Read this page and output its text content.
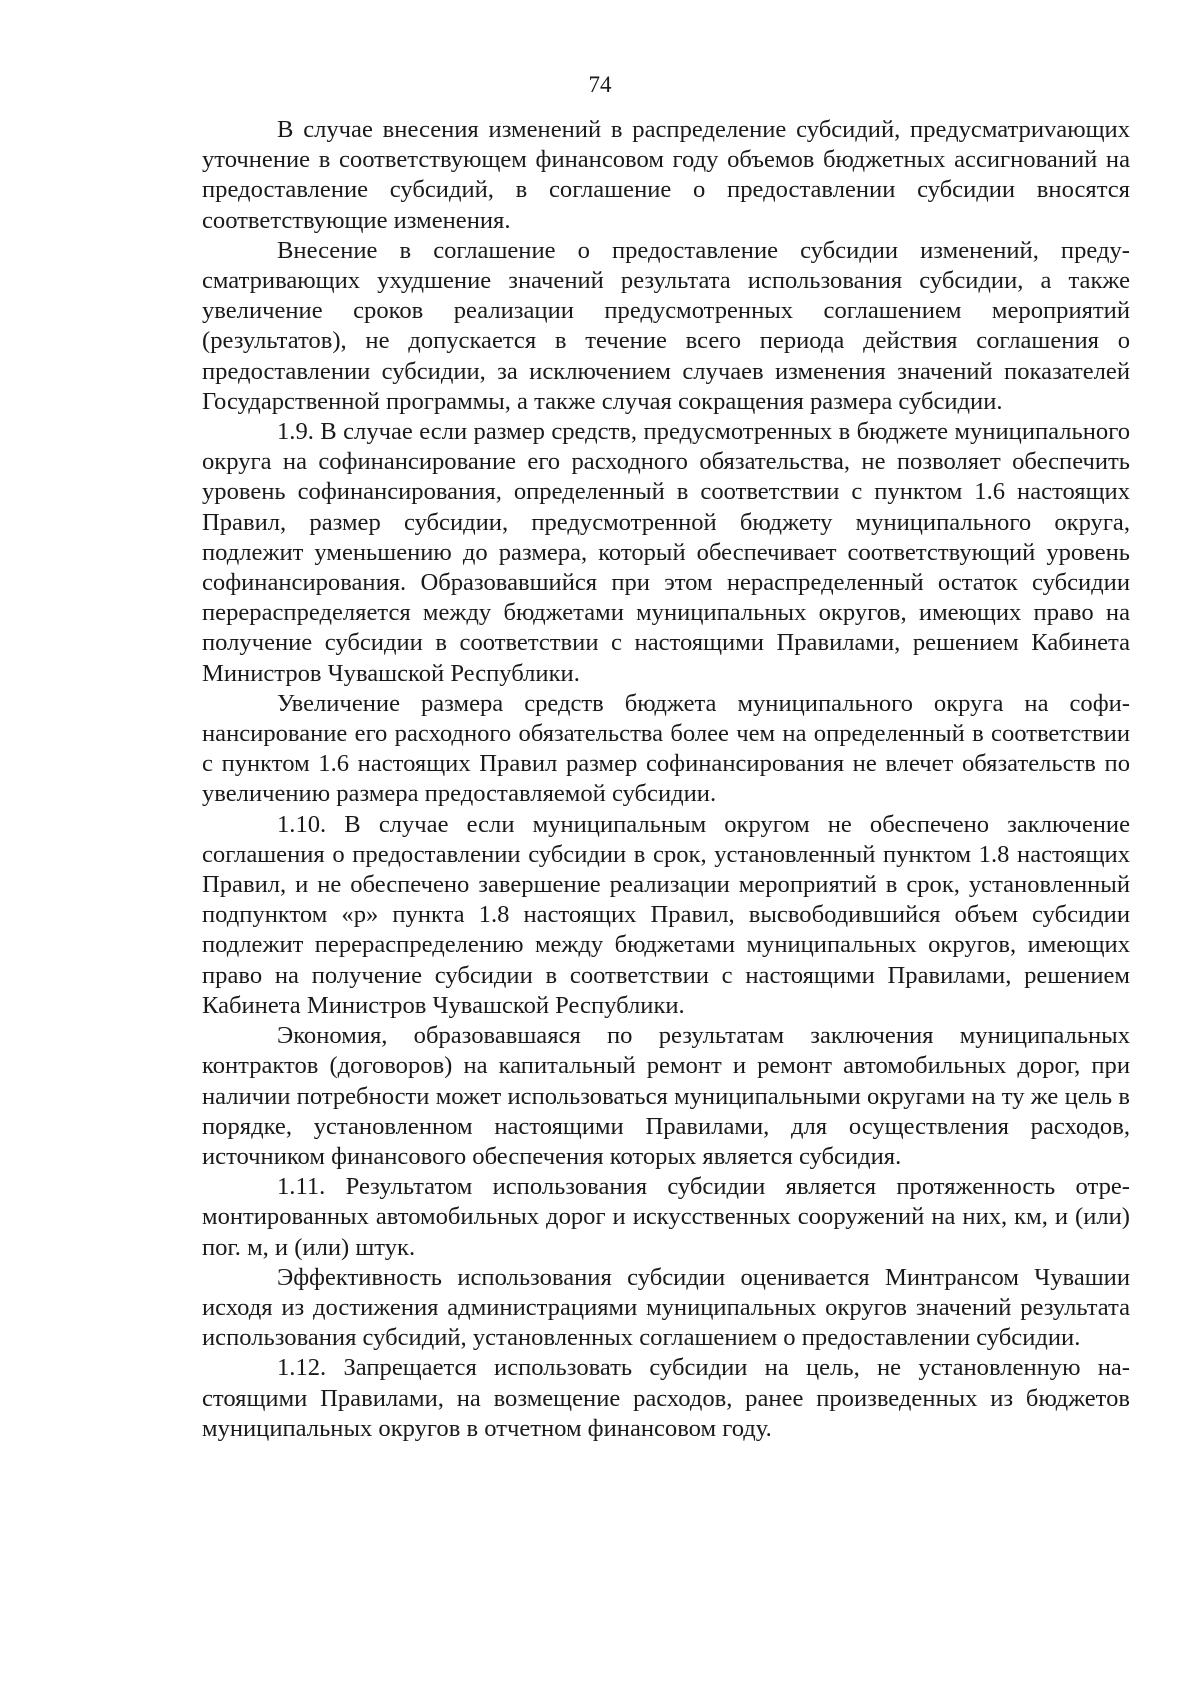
74

В случае внесения изменений в распределение субсидий, предусматриvающих уточнение в соответствующем финансовом году объемов бюджетных ассигнований на предоставление субсидий, в соглашение о предоставлении субсидии вносятся соответствующие изменения.

Внесение в соглашение о предоставление субсидии изменений, предусматривающих ухудшение значений результата использования субсидии, а также увеличение сроков реализации предусмотренных соглашением мероприятий (результатов), не допускается в течение всего периода действия соглашения о предоставлении субсидии, за исключением случаев изменения значений показателей Государственной программы, а также случая сокращения размера субсидии.

1.9. В случае если размер средств, предусмотренных в бюджете муниципального округа на софинансирование его расходного обязательства, не позволяет обеспечить уровень софинансирования, определенный в соответствии с пунктом 1.6 настоящих Правил, размер субсидии, предусмотренной бюджету муниципального округа, подлежит уменьшению до размера, который обеспечивает соответствующий уровень софинансирования. Образовавшийся при этом нераспределенный остаток субсидии перераспределяется между бюджетами муниципальных округов, имеющих право на получение субсидии в соответствии с настоящими Правилами, решением Кабинета Министров Чувашской Республики.

Увеличение размера средств бюджета муниципального округа на софинансирование его расходного обязательства более чем на определенный в соответствии с пунктом 1.6 настоящих Правил размер софинансирования не влечет обязательств по увеличению размера предоставляемой субсидии.

1.10. В случае если муниципальным округом не обеспечено заключение соглашения о предоставлении субсидии в срок, установленный пунктом 1.8 настоящих Правил, и не обеспечено завершение реализации мероприятий в срок, установленный подпунктом «р» пункта 1.8 настоящих Правил, высвободившийся объем субсидии подлежит перераспределению между бюджетами муниципальных округов, имеющих право на получение субсидии в соответствии с настоящими Правилами, решением Кабинета Министров Чувашской Республики.

Экономия, образовавшаяся по результатам заключения муниципальных контрактов (договоров) на капитальный ремонт и ремонт автомобильных дорог, при наличии потребности может использоваться муниципальными округами на ту же цель в порядке, установленном настоящими Правилами, для осуществления расходов, источником финансового обеспечения которых является субсидия.

1.11. Результатом использования субсидии является протяженность отремонтированных автомобильных дорог и искусственных сооружений на них, км, и (или) пог. м, и (или) штук.

Эффективность использования субсидии оценивается Минтрансом Чувашии исходя из достижения администрациями муниципальных округов значений результата использования субсидий, установленных соглашением о предоставлении субсидии.

1.12. Запрещается использовать субсидии на цель, не установленную настоящими Правилами, на возмещение расходов, ранее произведенных из бюджетов муниципальных округов в отчетном финансовом году.
